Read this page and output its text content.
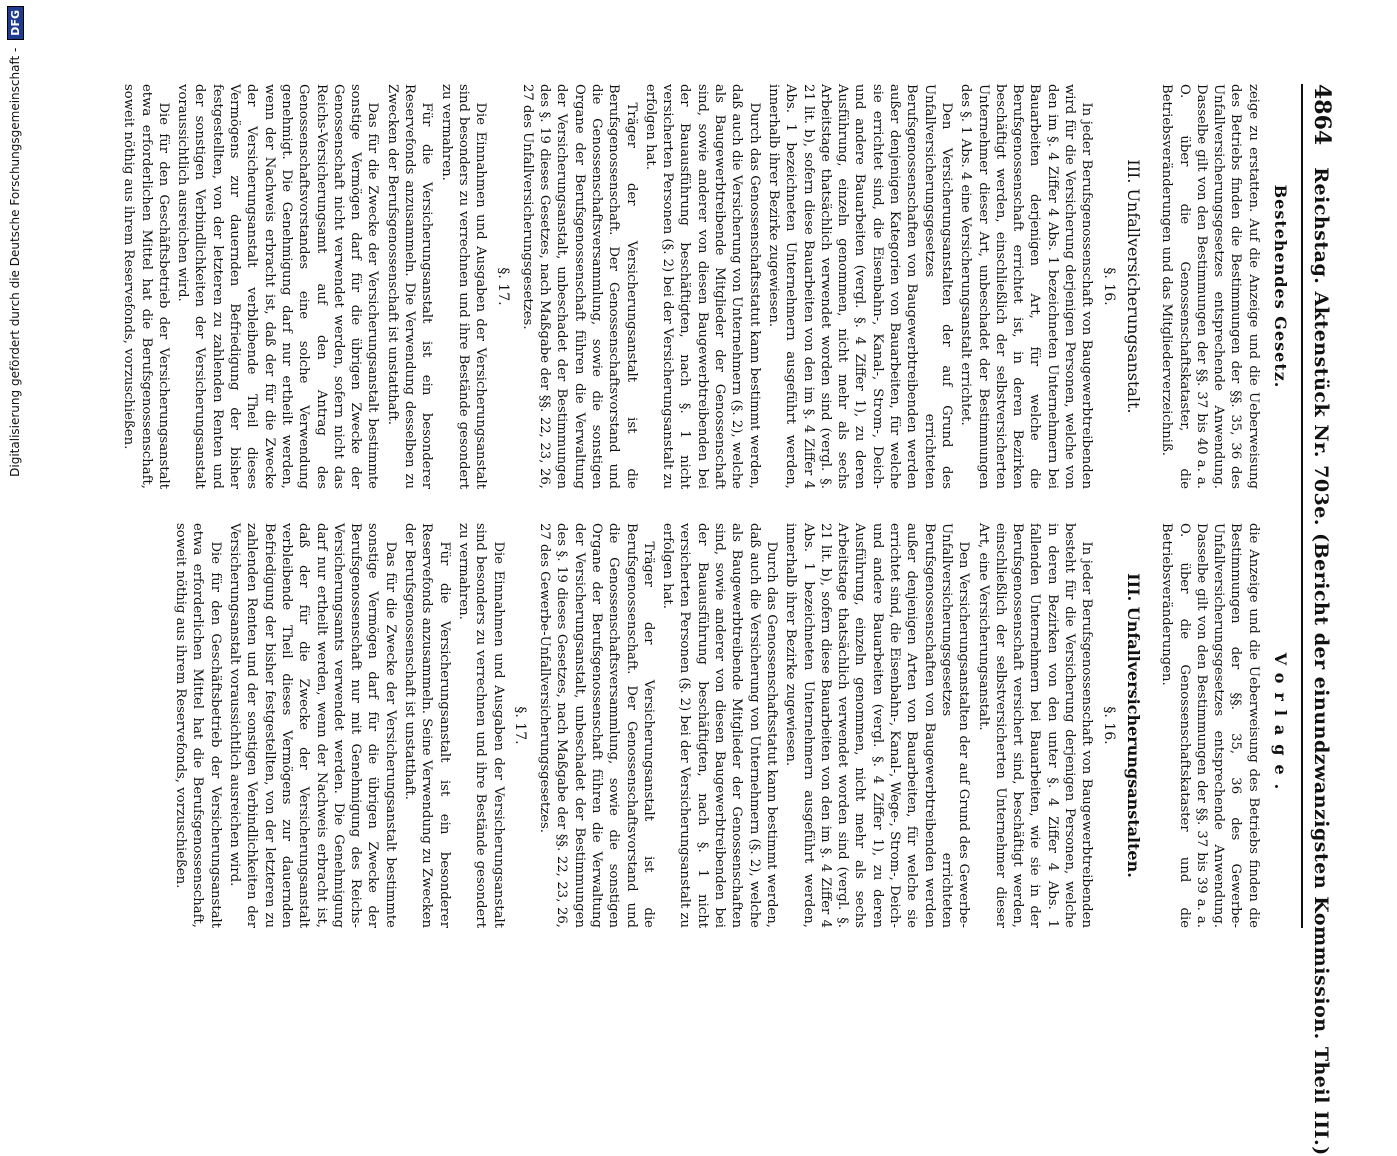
4864
Reichstag. Aktenstück Nr. 703e. (Bericht der einundzwanzigsten Kommission. Theil III.)
Bestehendes Gesetz.

zeige zu erstatten. Auf die Anzeige und die Ueberweisung des Betriebs finden die Bestimmungen der §§. 35, 36 des Unfallversicherungsgesetzes entsprechende Anwendung. Dasselbe gilt von den Bestimmungen der §§. 37 bis 40 a. a. O. über die Genossenschaftskataster, die Betriebsveränderungen und das Mitgliederverzeichniß.

III. Unfallversicherungsanstalt.
§. 16.

In jeder Berufsgenossenschaft von Baugewerbtreibenden wird für die Versicherung derjenigen Personen, welche von den im §. 4 Ziffer 4 Abs. 1 bezeichneten Unternehmern bei Bauarbeiten derjenigen Art, für welche die Berufsgenossenschaft errichtet ist, in deren Bezirken beschäftigt werden, einschließlich der selbstversicherten Unternehmer dieser Art, unbeschadet der Bestimmungen des §. 1 Abs. 4 eine Versicherungsanstalt errichtet.

Den Versicherungsanstalten der auf Grund des Unfallversicherungsgesetzes errichteten Berufsgenossenschaften von Baugewerbtreibenden werden außer denjenigen Kategorien von Bauarbeiten, für welche sie errichtet sind, die Eisenbahn-, Kanal-, Strom-, Deich- und andere Bauarbeiten (vergl. §. 4 Ziffer 1), zu deren Ausführung, einzeln genommen, nicht mehr als sechs Arbeitstage thatsächlich verwendet worden sind (vergl. §. 21 lit. b), sofern diese Bauarbeiten von den im §. 4 Ziffer 4 Abs. 1 bezeichneten Unternehmern ausgeführt werden, innerhalb ihrer Bezirke zugewiesen.

Durch das Genossenschaftsstatut kann bestimmt werden, daß auch die Versicherung von Unternehmern (§. 2), welche als Baugewerbtreibende Mitglieder der Genossenschaft sind, sowie anderer von diesen Baugewerbtreibenden bei der Bauausführung beschäftigten, nach §. 1 nicht versicherten Personen (§. 2) bei der Versicherungsanstalt zu erfolgen hat.

Träger der Versicherungsanstalt ist die Berufsgenossenschaft. Der Genossenschaftsvorstand und die Genossenschaftsversammlung, sowie die sonstigen Organe der Berufsgenossenschaft führen die Verwaltung der Versicherungsanstalt, unbeschadet der Bestimmungen des §. 19 dieses Gesetzes, nach Maßgabe der §§. 22, 23, 26, 27 des Unfallversicherungsgesetzes.

§. 17.

Die Einnahmen und Ausgaben der Versicherungsanstalt sind besonders zu verrechnen und ihre Bestände gesondert zu vermahren.

Für die Versicherungsanstalt ist ein besonderer Reservefonds anzusammeln. Die Verwendung desselben zu Zwecken der Berufsgenossenschaft ist unstatthaft.

Das für die Zwecke der Versicherungsanstalt bestimmte sonstige Vermögen darf für die übrigen Zwecke der Genossenschaft nicht verwendet werden, sofern nicht das Reichs-Versicherungsamt auf den Antrag des Genossenschaftsvorstandes eine solche Verwendung genehmigt. Die Genehmigung darf nur ertheilt werden, wenn der Nachweis erbracht ist, daß der für die Zwecke der Versicherungsanstalt verbleibende Theil dieses Vermögens zur dauernden Befriedigung der bisher festgestellten, von der letzteren zu zahlenden Renten und der sonstigen Verbindlichkeiten der Versicherungsanstalt voraussichtlich ausreichen wird.

Die für den Geschäftsbetrieb der Versicherungsanstalt etwa erforderlichen Mittel hat die Berufsgenossenschaft, soweit nöthig aus ihrem Reservefonds, vorzuschießen.

Vorlage.

die Anzeige und die Ueberweisung des Betriebs finden die Bestimmungen der §§. 35, 36 des Gewerbe-Unfallversicherungsgesetzes entsprechende Anwendung. Dasselbe gilt von den Bestimmungen der §§. 37 bis 39 a. a. O. über die Genossenschaftskataster und die Betriebsveränderungen.

III. Unfallversicherungsanstalten.
§. 16.

In jeder Berufsgenossenschaft von Baugewerbtreibenden besteht für die Versicherung derjenigen Personen, welche in deren Bezirken von den unter §. 4 Ziffer 4 Abs. 1 fallenden Unternehmern bei Bauarbeiten, wie sie in der Berufsgenossenschaft versichert sind, beschäftigt werden, einschließlich der selbstversicherten Unternehmer dieser Art, eine Versicherungsanstalt.

Den Versicherungsanstalten der auf Grund des Gewerbe-Unfallversicherungsgesetzes errichteten Berufsgenossenschaften von Baugewerbtreibenden werden außer denjenigen Arten von Bauarbeiten, für welche sie errichtet sind, die Eisenbahn-, Kanal-, Wege-, Strom-, Deich- und andere Bauarbeiten (vergl. §. 4 Ziffer 1), zu deren Ausführung, einzeln genommen, nicht mehr als sechs Arbeitstage thatsächlich verwendet worden sind (vergl. §. 21 lit. b), sofern diese Bauarbeiten von den im §. 4 Ziffer 4 Abs. 1 bezeichneten Unternehmern ausgeführt werden, innerhalb ihrer Bezirke zugewiesen.

Durch das Genossenschaftsstatut kann bestimmt werden, daß auch die Versicherung von Unternehmern (§. 2), welche als Baugewerbtreibende Mitglieder der Genossenschaften sind, sowie anderer von diesen Baugewerbtreibenden bei der Bauausführung beschäftigten, nach §. 1 nicht versicherten Personen (§. 2) bei der Versicherungsanstalt zu erfolgen hat.

Träger der Versicherungsanstalt ist die Berufsgenossenschaft. Der Genossenschaftsvorstand und die Genossenschaftsversammlung, sowie die sonstigen Organe der Berufsgenossenschaft führen die Verwaltung der Versicherungsanstalt, unbeschadet der Bestimmungen des §. 19 dieses Gesetzes, nach Maßgabe der §§. 22, 23, 26, 27 des Gewerbe-Unfallversicherungsgesetzes.

§. 17.

Die Einnahmen und Ausgaben der Versicherungsanstalt sind besonders zu verrechnen und ihre Bestände gesondert zu vermahren.

Für die Versicherungsanstalt ist ein besonderer Reservefonds anzusammeln. Seine Verwendung zu Zwecken der Berufsgenossenschaft ist unstatthaft.

Das für die Zwecke der Versicherungsanstalt bestimmte sonstige Vermögen darf für die übrigen Zwecke der Berufsgenossenschaft nur mit Genehmigung des Reichs-Versicherungsamts verwendet werden. Die Genehmigung darf nur ertheilt werden, wenn der Nachweis erbracht ist, daß der für die Zwecke der Versicherungsanstalt verbleibende Theil dieses Vermögens zur dauernden Befriedigung der bisher festgestellten, von der letzteren zu zahlenden Renten und der sonstigen Verbindlichkeiten der Versicherungsanstalt voraussichtlich ausreichen wird.

Die für den Geschäftsbetrieb der Versicherungsanstalt etwa erforderlichen Mittel hat die Berufsgenossenschaft, soweit nöthig aus ihrem Reservefonds, vorzuschießen.

Digitalisierung gefördert durch die Deutsche Forschungsgemeinschaft -
DFG
